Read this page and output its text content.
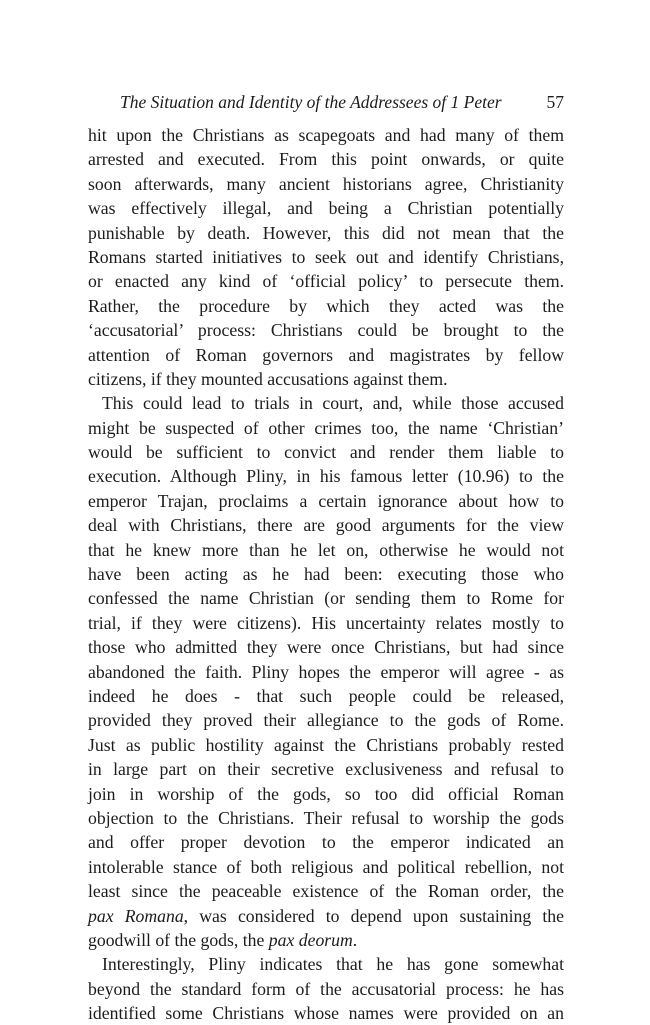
The Situation and Identity of the Addressees of 1 Peter	57
hit upon the Christians as scapegoats and had many of them
arrested and executed. From this point onwards, or quite
soon afterwards, many ancient historians agree, Christianity
was effectively illegal, and being a Christian potentially
punishable by death. However, this did not mean that the
Romans started initiatives to seek out and identify Christians,
or enacted any kind of ‘official policy’ to persecute them.
Rather, the procedure by which they acted was the
‘accusatorial’ process: Christians could be brought to the
attention of Roman governors and magistrates by fellow
citizens, if they mounted accusations against them.
This could lead to trials in court, and, while those accused
might be suspected of other crimes too, the name ‘Christian’
would be sufficient to convict and render them liable to
execution. Although Pliny, in his famous letter (10.96) to the
emperor Trajan, proclaims a certain ignorance about how to
deal with Christians, there are good arguments for the view
that he knew more than he let on, otherwise he would not
have been acting as he had been: executing those who
confessed the name Christian (or sending them to Rome for
trial, if they were citizens). His uncertainty relates mostly to
those who admitted they were once Christians, but had since
abandoned the faith. Pliny hopes the emperor will agree - as
indeed he does - that such people could be released,
provided they proved their allegiance to the gods of Rome.
Just as public hostility against the Christians probably rested
in large part on their secretive exclusiveness and refusal to
join in worship of the gods, so too did official Roman
objection to the Christians. Their refusal to worship the gods
and offer proper devotion to the emperor indicated an
intolerable stance of both religious and political rebellion, not
least since the peaceable existence of the Roman order, the
pax Romana, was considered to depend upon sustaining the
goodwill of the gods, the pax deorum.
Interestingly, Pliny indicates that he has gone somewhat
beyond the standard form of the accusatorial process: he has
identified some Christians whose names were provided on an
